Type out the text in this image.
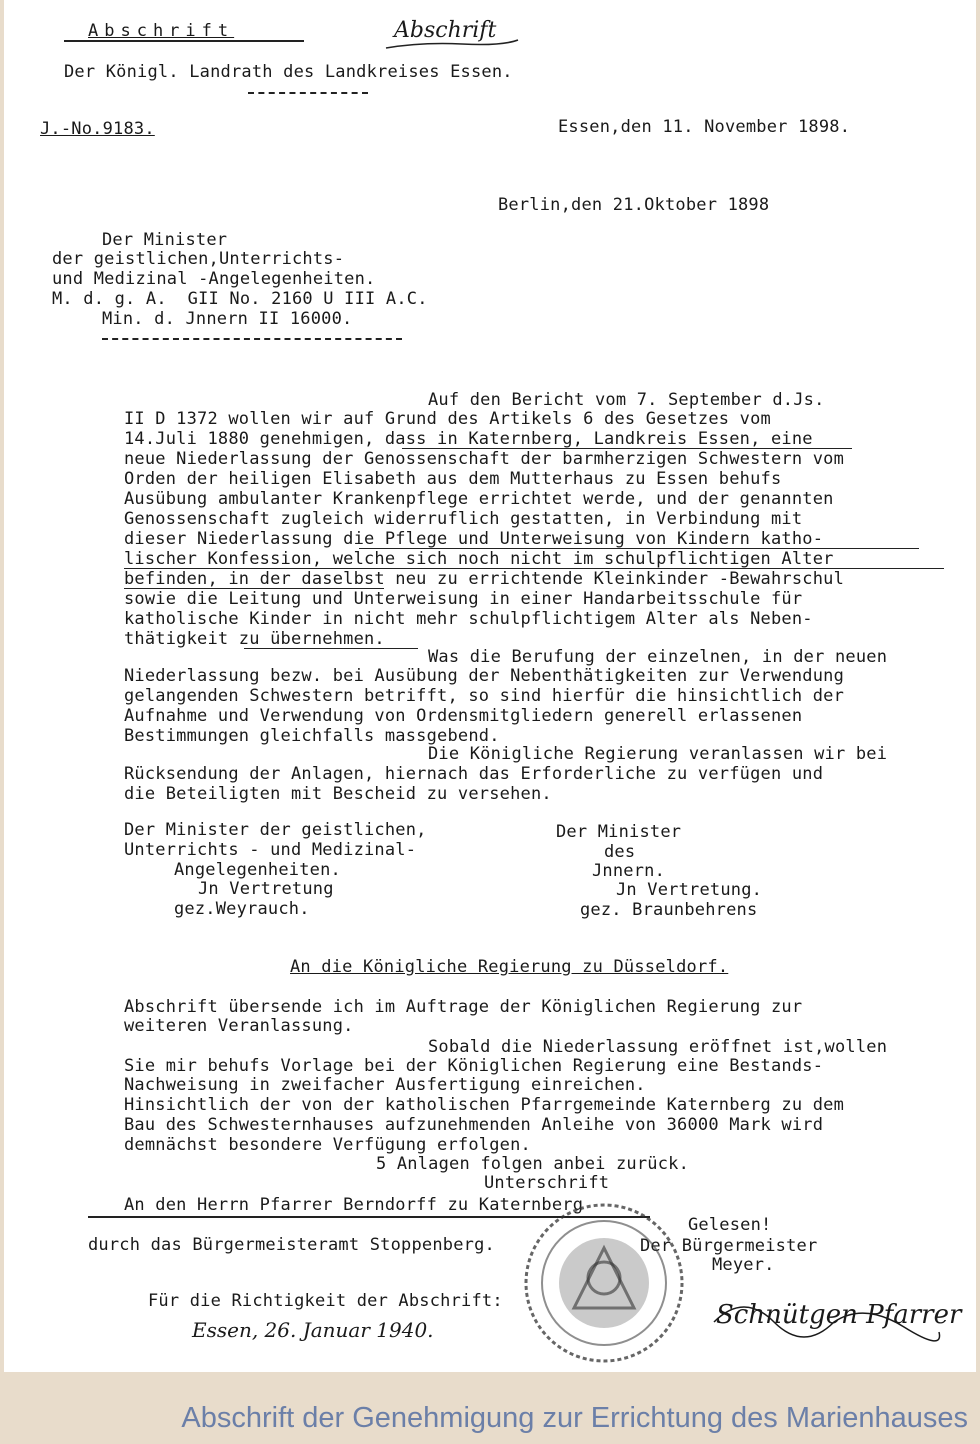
Abschrift	Abschrift
Der Königl. Landrath des Landkreises Essen.
J.-No.9183.	Essen,den 11. November 1898.
Berlin,den 21.Oktober 1898
Der Minister
der geistlichen,Unterrichts-
und Medizinal -Angelegenheiten.
M. d. g. A.  GII No. 2160 U III A.C.
Min. d. Jnnern II 16000.
Auf den Bericht vom 7. September d.Js.
II D 1372 wollen wir auf Grund des Artikels 6 des Gesetzes vom
14.Juli 1880 genehmigen, dass in Katernberg, Landkreis Essen, eine
neue Niederlassung der Genossenschaft der barmherzigen Schwestern vom
Orden der heiligen Elisabeth aus dem Mutterhaus zu Essen behufs
Ausübung ambulanter Krankenpflege errichtet werde, und der genannten
Genossenschaft zugleich widerruflich gestatten, in Verbindung mit
dieser Niederlassung die Pflege und Unterweisung von Kindern katho-
lischer Konfession, welche sich noch nicht im schulpflichtigen Alter
befinden, in der daselbst neu zu errichtende Kleinkinder -Bewahrschul
sowie die Leitung und Unterweisung in einer Handarbeitsschule für
katholische Kinder in nicht mehr schulpflichtigem Alter als Neben-
thätigkeit zu übernehmen.
Was die Berufung der einzelnen, in der neuen
Niederlassung bezw. bei Ausübung der Nebenthätigkeiten zur Verwendung
gelangenden Schwestern betrifft, so sind hierfür die hinsichtlich der
Aufnahme und Verwendung von Ordensmitgliedern generell erlassenen
Bestimmungen gleichfalls massgebend.
Die Königliche Regierung veranlassen wir bei
Rücksendung der Anlagen, hiernach das Erforderliche zu verfügen und
die Beteiligten mit Bescheid zu versehen.
Der Minister der geistlichen,
Unterrichts - und Medizinal-
Angelegenheiten.
Jn Vertretung
gez.Weyrauch.
Der Minister
des
Jnnern.
Jn Vertretung.
gez. Braunbehrens
An die Königliche Regierung zu Düsseldorf.
Abschrift übersende ich im Auftrage der Königlichen Regierung zur
weiteren Veranlassung.
Sobald die Niederlassung eröffnet ist,wollen
Sie mir behufs Vorlage bei der Königlichen Regierung eine Bestands-
Nachweisung in zweifacher Ausfertigung einreichen.
Hinsichtlich der von der katholischen Pfarrgemeinde Katernberg zu dem
Bau des Schwesternhauses aufzunehmenden Anleihe von 36000 Mark wird
demnächst besondere Verfügung erfolgen.
5 Anlagen folgen anbei zurück.
Unterschrift
An den Herrn Pfarrer Berndorff zu Katernberg
durch das Bürgermeisteramt Stoppenberg.
Gelesen!
Der Bürgermeister
Meyer.
Für die Richtigkeit der Abschrift:
Essen, 26. Januar 1940.	Schnütgen Pfarrer
Abschrift der Genehmigung zur Errichtung des Marienhauses
